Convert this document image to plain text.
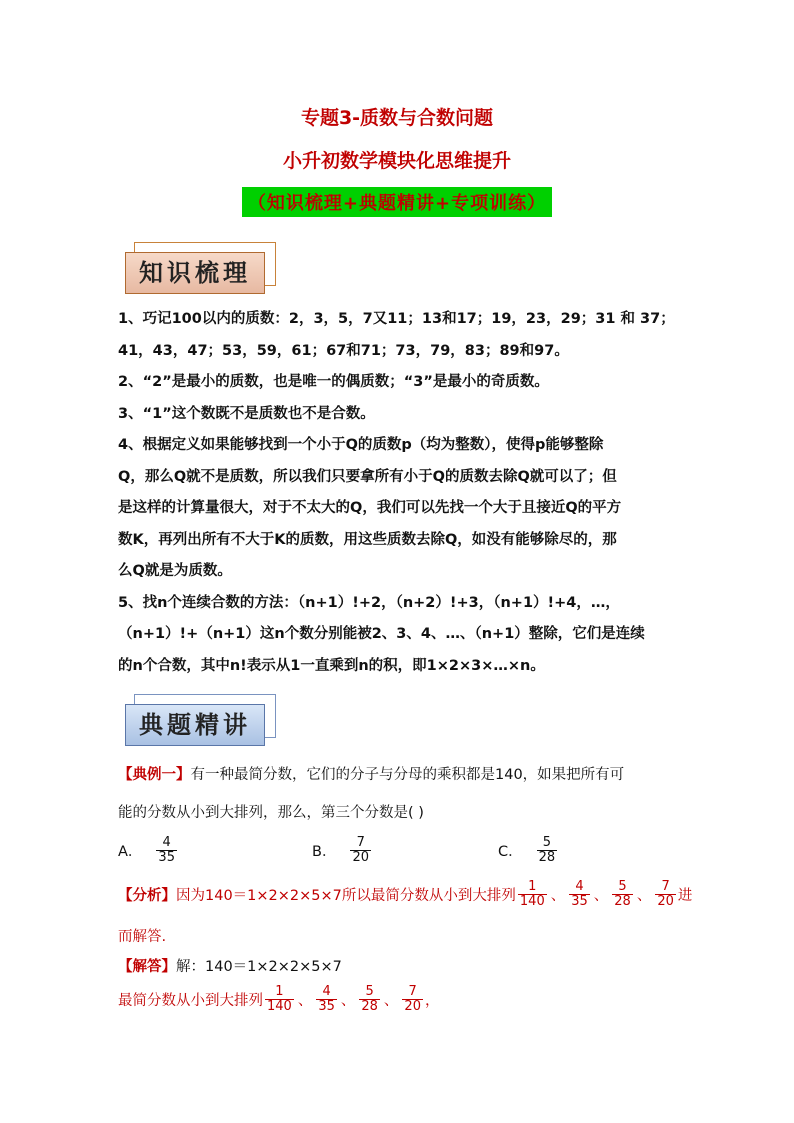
专题3-质数与合数问题
小升初数学模块化思维提升
（知识梳理+典题精讲+专项训练）
知识梳理

1、巧记100以内的质数：2，3，5，7又11；13和17；19，23，29；31 和 37；

41，43，47；53，59，61；67和71；73，79，83；89和97。

2、“2”是最小的质数，也是唯一的偶质数；“3”是最小的奇质数。

3、“1”这个数既不是质数也不是合数。

4、根据定义如果能够找到一个小于Q的质数p（均为整数），使得p能够整除

Q，那么Q就不是质数，所以我们只要拿所有小于Q的质数去除Q就可以了；但

是这样的计算量很大，对于不太大的Q，我们可以先找一个大于且接近Q的平方

数K，再列出所有不大于K的质数，用这些质数去除Q，如没有能够除尽的，那

么Q就是为质数。

5、找n个连续合数的方法：（n+1）!+2，（n+2）!+3，（n+1）!+4，…，

（n+1）!+（n+1）这n个数分别能被2、3、4、…、（n+1）整除，它们是连续

的n个合数，其中n!表示从1一直乘到n的积，即1×2×3×…×n。

典题精讲
【典例一】有一种最简分数，它们的分子与分母的乘积都是140，如果把所有可
能的分数从小到大排列，那么，第三个分数是( )
A． $\frac{4}{35}$	B． $\frac{7}{20}$	C． $\frac{5}{28}$
【分析】 因为140＝1×2×2×5×7所以最简分数从小到大排列 $\frac{1}{140}$ 、 $\frac{4}{35}$ 、 $\frac{5}{28}$ 、 $\frac{7}{20}$ 进
而解答.
【解答】 解：140＝1×2×2×5×7
最简分数从小到大排列 $\frac{1}{140}$ 、 $\frac{4}{35}$ 、 $\frac{5}{28}$ 、 $\frac{7}{20}$ ，
